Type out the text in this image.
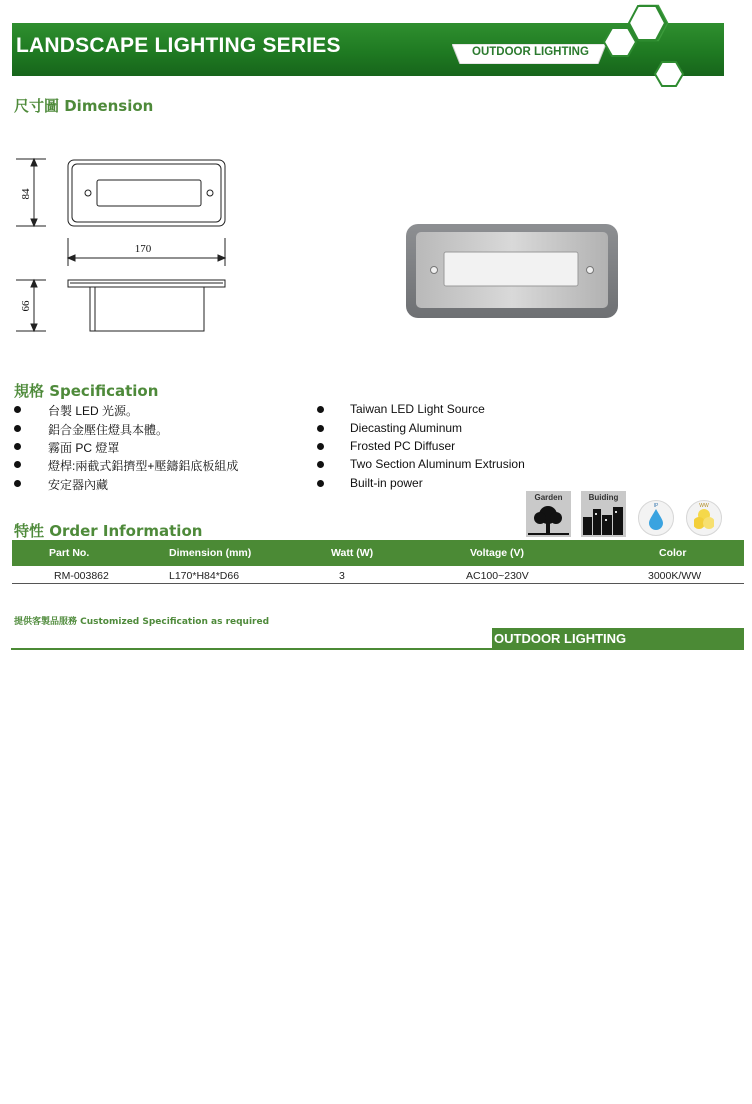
LANDSCAPE LIGHTING SERIES	OUTDOOR LIGHTING
尺寸圖 Dimension
84
170
66
規格 Specification
台製 LED 光源。
鋁合金壓住燈具本體。
霧面 PC 燈罩
燈桿:兩截式鋁擠型+壓鑄鋁底板組成
安定器內藏
Taiwan LED Light Source
Diecasting Aluminum
Frosted PC Diffuser
Two Section Aluminum Extrusion
Built-in power
Garden	Buiding
IP	WW
特性 Order Information
Part No.	Dimension (mm)	Watt (W)	Voltage (V)	Color
RM-003862	L170*H84*D66	3	AC100~230V	3000K/WW
提供客製品服務 Customized Specification as required
OUTDOOR LIGHTING
